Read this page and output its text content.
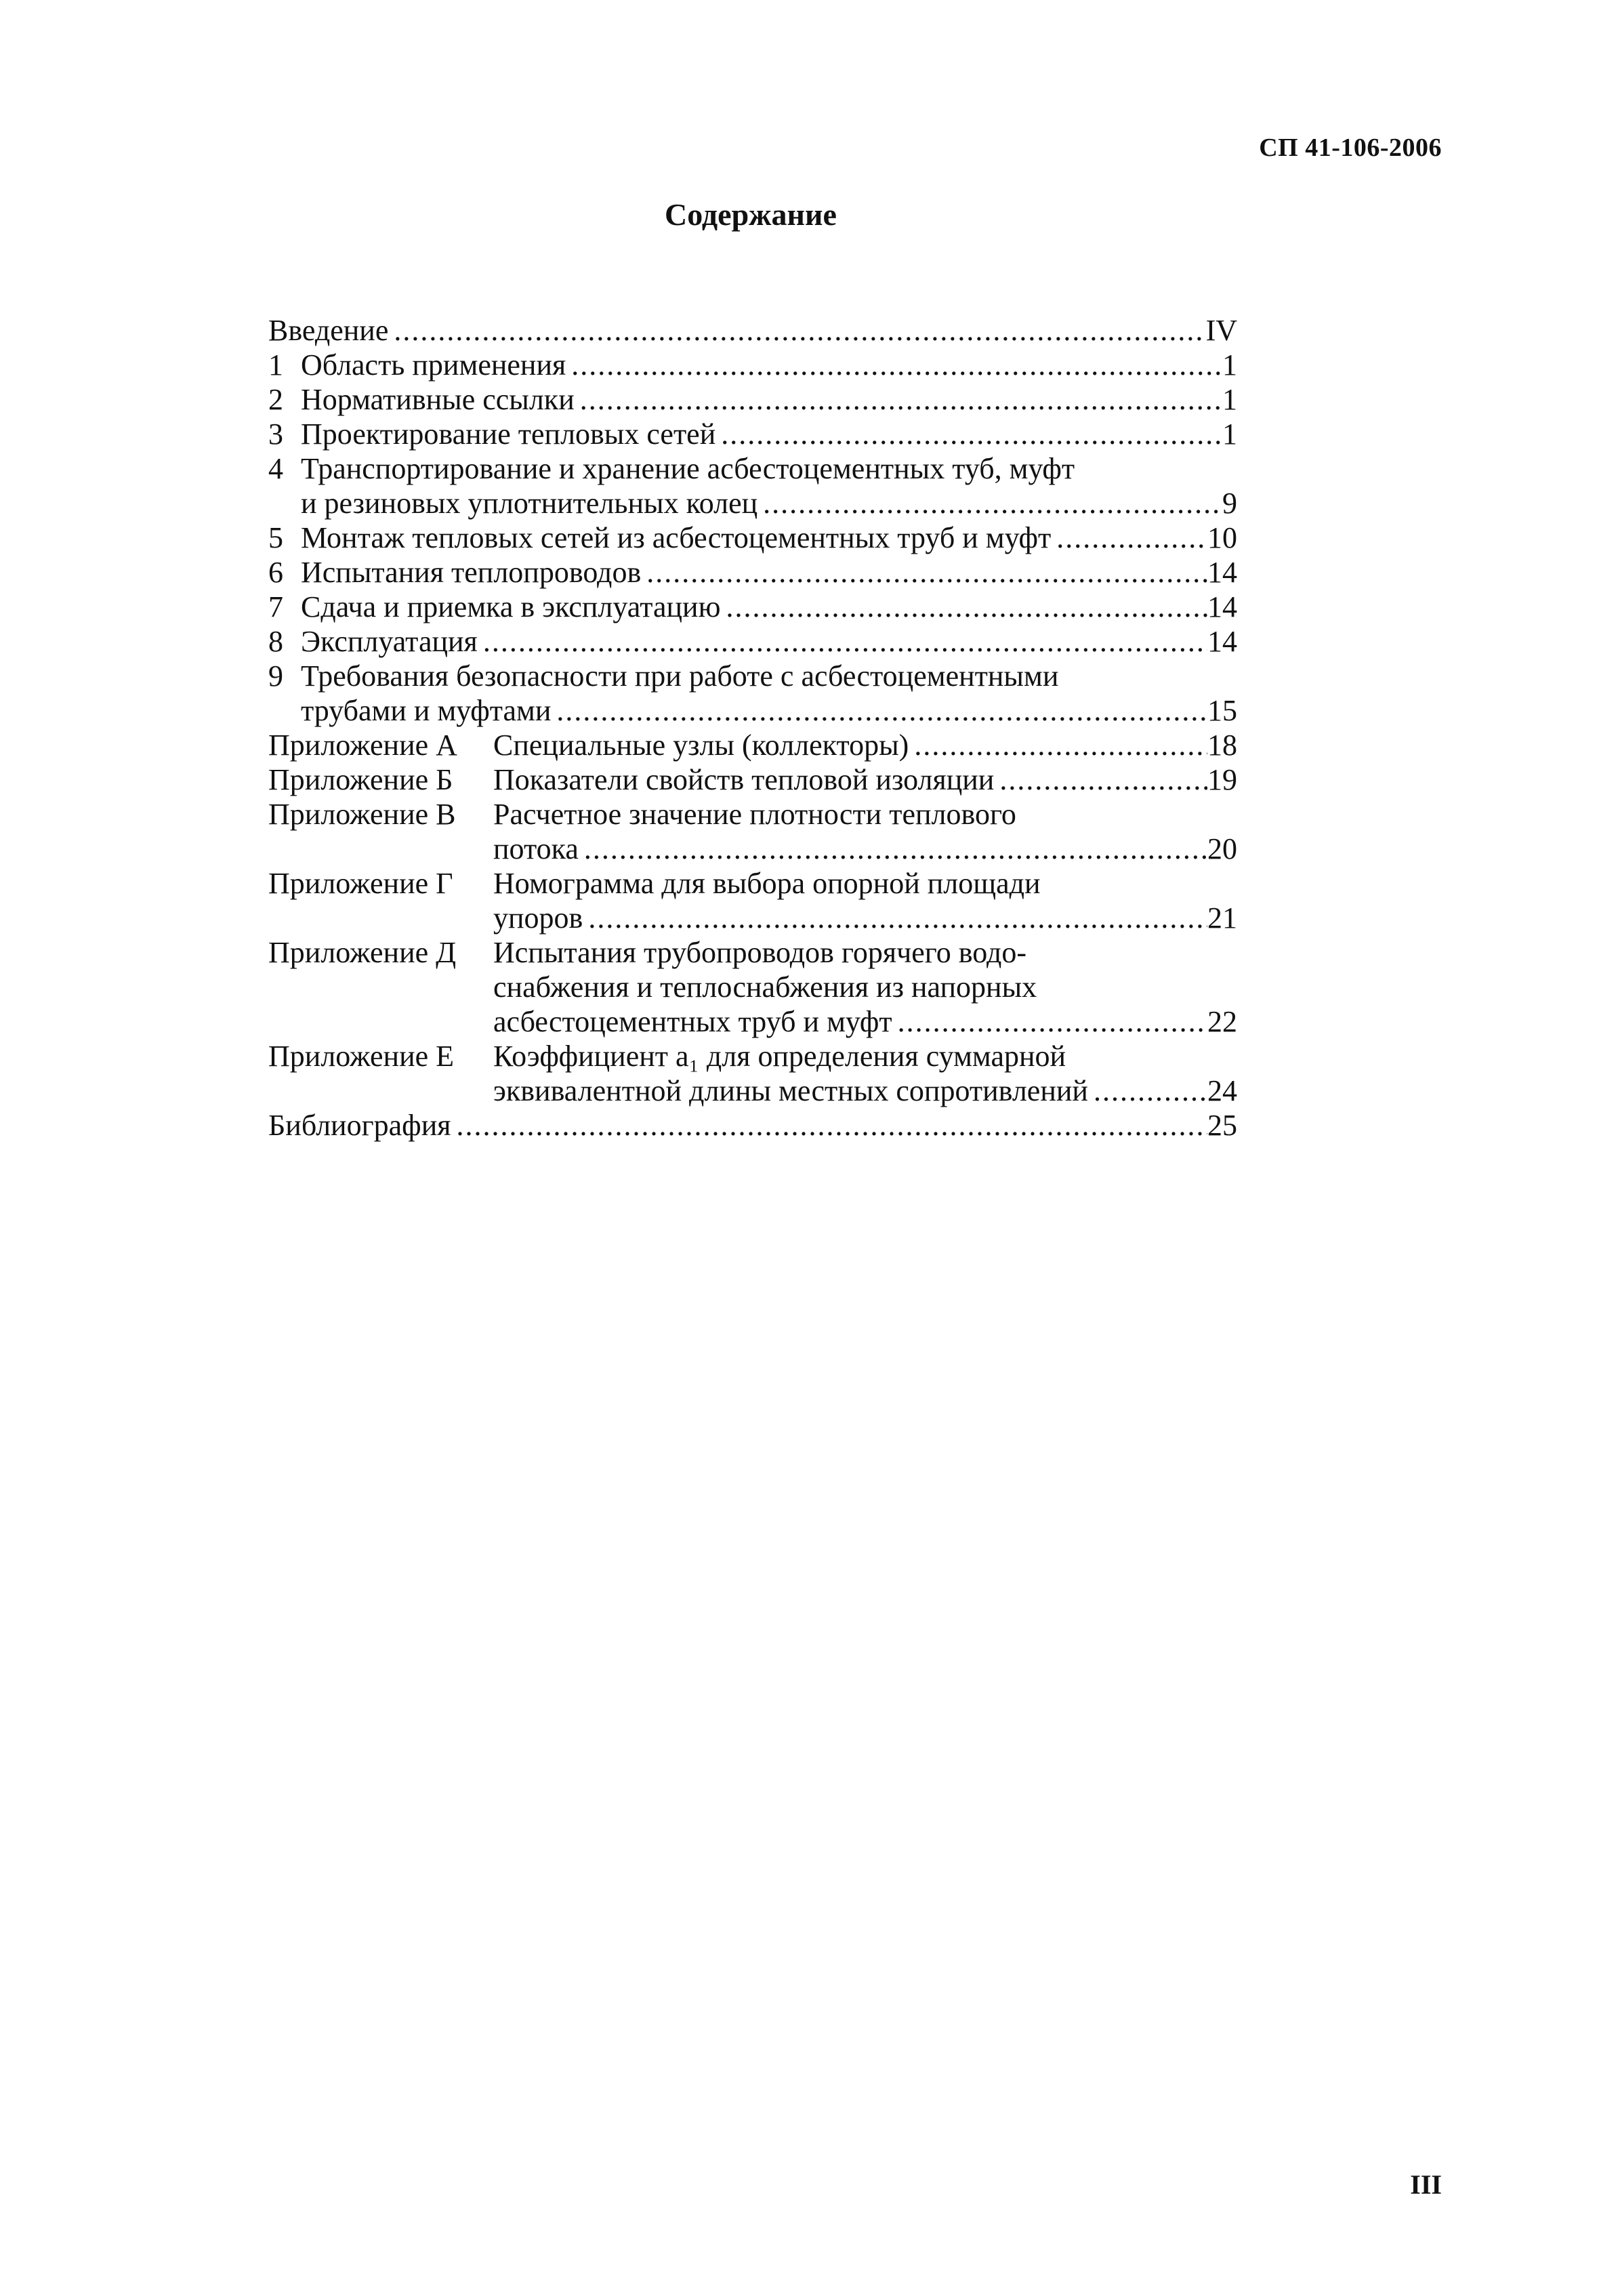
СП 41-106-2006
Содержание
Введение .....	IV
1 Область применения .....	1
2 Нормативные ссылки .....	1
3 Проектирование тепловых сетей .....	1
4 Транспортирование и хранение асбестоцементных туб, муфт
и резиновых уплотнительных колец .....	9
5 Монтаж тепловых сетей из асбестоцементных труб и муфт .....	10
6 Испытания теплопроводов .....	14
7 Сдача и приемка в эксплуатацию .....	14
8 Эксплуатация .....	14
9 Требования безопасности при работе с асбестоцементными
трубами и муфтами .....	15
Приложение А	Специальные узлы (коллекторы) .....	18
Приложение Б	Показатели свойств тепловой изоляции .....	19
Приложение В	Расчетное значение плотности теплового
потока .....	20
Приложение Г	Номограмма для выбора опорной площади
упоров .....	21
Приложение Д	Испытания трубопроводов горячего водо-
снабжения и теплоснабжения из напорных
асбестоцементных труб и муфт .....	22
Приложение Е	Коэффициент a₁ для определения суммарной
эквивалентной длины местных сопротивлений .....	24
Библиография .....	25
III
